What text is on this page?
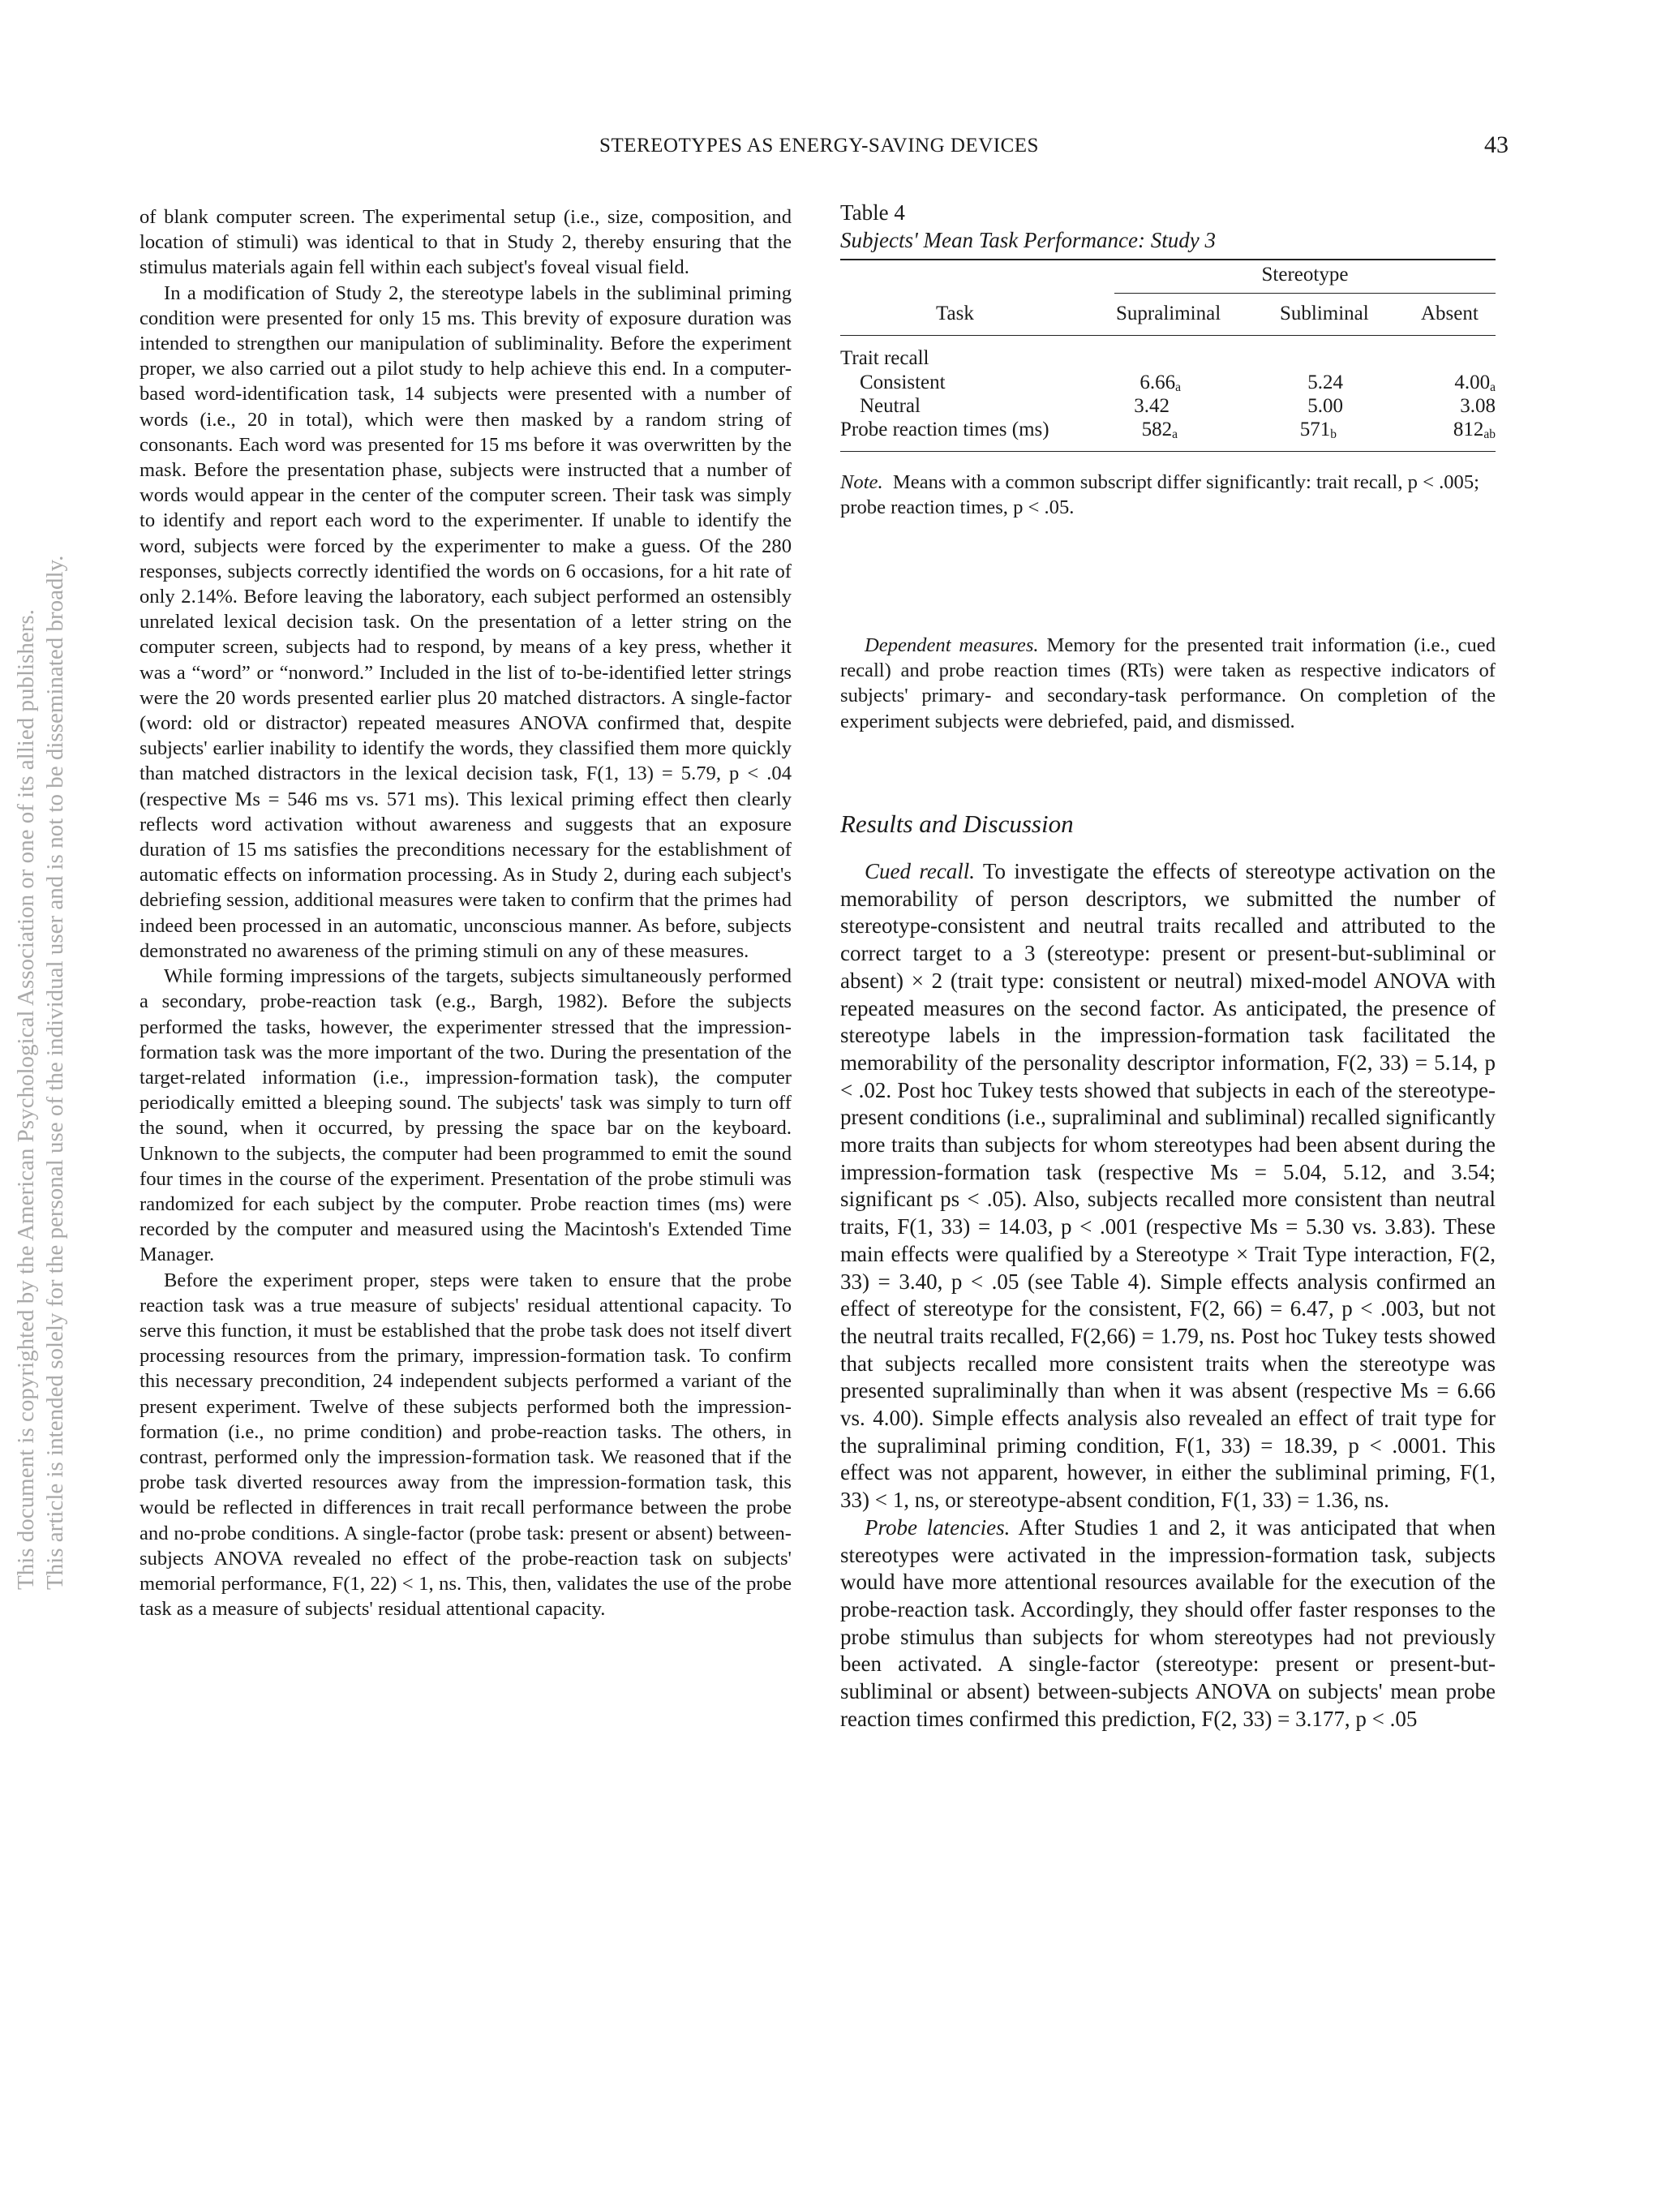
STEREOTYPES AS ENERGY-SAVING DEVICES	43
This document is copyrighted by the American Psychological Association or one of its allied publishers. This article is intended solely for the personal use of the individual user and is not to be disseminated broadly.

of blank computer screen. The experimental setup (i.e., size, composition, and location of stimuli) was identical to that in Study 2, thereby ensuring that the stimulus materials again fell within each subject's foveal visual field.

In a modification of Study 2, the stereotype labels in the subliminal priming condition were presented for only 15 ms. This brevity of exposure duration was intended to strengthen our manipulation of subliminality. Before the experiment proper, we also carried out a pilot study to help achieve this end. In a computer-based word-identification task, 14 subjects were presented with a number of words (i.e., 20 in total), which were then masked by a random string of consonants. Each word was presented for 15 ms before it was overwritten by the mask. Before the presentation phase, subjects were instructed that a number of words would appear in the center of the computer screen. Their task was simply to identify and report each word to the experimenter. If unable to identify the word, subjects were forced by the experimenter to make a guess. Of the 280 responses, subjects correctly identified the words on 6 occasions, for a hit rate of only 2.14%. Before leaving the laboratory, each subject performed an ostensibly unrelated lexical decision task. On the presentation of a letter string on the computer screen, subjects had to respond, by means of a key press, whether it was a “word” or “nonword.” Included in the list of to-be-identified letter strings were the 20 words presented earlier plus 20 matched distractors. A single-factor (word: old or distractor) repeated measures ANOVA confirmed that, despite subjects' earlier inability to identify the words, they classified them more quickly than matched distractors in the lexical decision task, F(1, 13) = 5.79, p < .04 (respective Ms = 546 ms vs. 571 ms). This lexical priming effect then clearly reflects word activation without awareness and suggests that an exposure duration of 15 ms satisfies the preconditions necessary for the establishment of automatic effects on information processing. As in Study 2, during each subject's debriefing session, additional measures were taken to confirm that the primes had indeed been processed in an automatic, unconscious manner. As before, subjects demonstrated no awareness of the priming stimuli on any of these measures.

While forming impressions of the targets, subjects simultaneously performed a secondary, probe-reaction task (e.g., Bargh, 1982). Before the subjects performed the tasks, however, the experimenter stressed that the impression-formation task was the more important of the two. During the presentation of the target-related information (i.e., impression-formation task), the computer periodically emitted a bleeping sound. The subjects' task was simply to turn off the sound, when it occurred, by pressing the space bar on the keyboard. Unknown to the subjects, the computer had been programmed to emit the sound four times in the course of the experiment. Presentation of the probe stimuli was randomized for each subject by the computer. Probe reaction times (ms) were recorded by the computer and measured using the Macintosh's Extended Time Manager.

Before the experiment proper, steps were taken to ensure that the probe reaction task was a true measure of subjects' residual attentional capacity. To serve this function, it must be established that the probe task does not itself divert processing resources from the primary, impression-formation task. To confirm this necessary precondition, 24 independent subjects performed a variant of the present experiment. Twelve of these subjects performed both the impression-formation (i.e., no prime condition) and probe-reaction tasks. The others, in contrast, performed only the impression-formation task. We reasoned that if the probe task diverted resources away from the impression-formation task, this would be reflected in differences in trait recall performance between the probe and no-probe conditions. A single-factor (probe task: present or absent) between-subjects ANOVA revealed no effect of the probe-reaction task on subjects' memorial performance, F(1, 22) < 1, ns. This, then, validates the use of the probe task as a measure of subjects' residual attentional capacity.

Table 4
Subjects' Mean Task Performance: Study 3
Stereotype
Task	Supraliminal	Subliminal	Absent
Trait recall
Consistent	$6.66_a$	5.24	$4.00_a$
Neutral	3.42	5.00	3.08
Probe reaction times (ms)	$582_a$	$571_b$	$812_{ab}$
Note. Means with a common subscript differ significantly: trait recall, p < .005; probe reaction times, p < .05.

Dependent measures. Memory for the presented trait information (i.e., cued recall) and probe reaction times (RTs) were taken as respective indicators of subjects' primary- and secondary-task performance. On completion of the experiment subjects were debriefed, paid, and dismissed.

Results and Discussion

Cued recall. To investigate the effects of stereotype activation on the memorability of person descriptors, we submitted the number of stereotype-consistent and neutral traits recalled and attributed to the correct target to a 3 (stereotype: present or present-but-subliminal or absent) × 2 (trait type: consistent or neutral) mixed-model ANOVA with repeated measures on the second factor. As anticipated, the presence of stereotype labels in the impression-formation task facilitated the memorability of the personality descriptor information, F(2, 33) = 5.14, p < .02. Post hoc Tukey tests showed that subjects in each of the stereotype-present conditions (i.e., supraliminal and subliminal) recalled significantly more traits than subjects for whom stereotypes had been absent during the impression-formation task (respective Ms = 5.04, 5.12, and 3.54; significant ps < .05). Also, subjects recalled more consistent than neutral traits, F(1, 33) = 14.03, p < .001 (respective Ms = 5.30 vs. 3.83). These main effects were qualified by a Stereotype × Trait Type interaction, F(2, 33) = 3.40, p < .05 (see Table 4). Simple effects analysis confirmed an effect of stereotype for the consistent, F(2, 66) = 6.47, p < .003, but not the neutral traits recalled, F(2,66) = 1.79, ns. Post hoc Tukey tests showed that subjects recalled more consistent traits when the stereotype was presented supraliminally than when it was absent (respective Ms = 6.66 vs. 4.00). Simple effects analysis also revealed an effect of trait type for the supraliminal priming condition, F(1, 33) = 18.39, p < .0001. This effect was not apparent, however, in either the subliminal priming, F(1, 33) < 1, ns, or stereotype-absent condition, F(1, 33) = 1.36, ns.

Probe latencies. After Studies 1 and 2, it was anticipated that when stereotypes were activated in the impression-formation task, subjects would have more attentional resources available for the execution of the probe-reaction task. Accordingly, they should offer faster responses to the probe stimulus than subjects for whom stereotypes had not previously been activated. A single-factor (stereotype: present or present-but-subliminal or absent) between-subjects ANOVA on subjects' mean probe reaction times confirmed this prediction, F(2, 33) = 3.177, p < .05
